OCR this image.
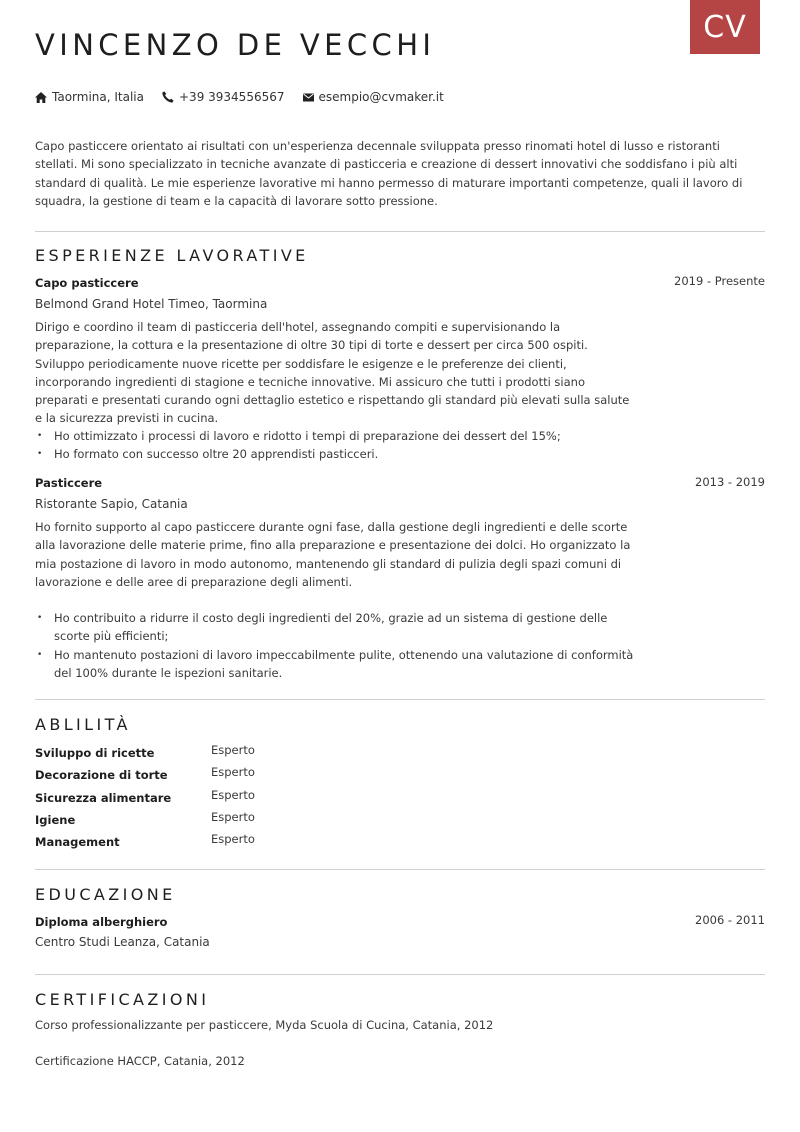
VINCENZO DE VECCHI
CV
Taormina, Italia	+39 3934556567	esempio@cvmaker.it

Capo pasticcere orientato ai risultati con un'esperienza decennale sviluppata presso rinomati hotel di lusso e ristoranti stellati. Mi sono specializzato in tecniche avanzate di pasticceria e creazione di dessert innovativi che soddisfano i più alti standard di qualità. Le mie esperienze lavorative mi hanno permesso di maturare importanti competenze, quali il lavoro di squadra, la gestione di team e la capacità di lavorare sotto pressione.

ESPERIENZE LAVORATIVE
Capo pasticcere	2019 - Presente
Belmond Grand Hotel Timeo, Taormina

Dirigo e coordino il team di pasticceria dell'hotel, assegnando compiti e supervisionando la preparazione, la cottura e la presentazione di oltre 30 tipi di torte e dessert per circa 500 ospiti. Sviluppo periodicamente nuove ricette per soddisfare le esigenze e le preferenze dei clienti, incorporando ingredienti di stagione e tecniche innovative. Mi assicuro che tutti i prodotti siano preparati e presentati curando ogni dettaglio estetico e rispettando gli standard più elevati sulla salute e la sicurezza previsti in cucina.

• Ho ottimizzato i processi di lavoro e ridotto i tempi di preparazione dei dessert del 15%;
• Ho formato con successo oltre 20 apprendisti pasticceri.
Pasticcere	2013 - 2019
Ristorante Sapio, Catania

Ho fornito supporto al capo pasticcere durante ogni fase, dalla gestione degli ingredienti e delle scorte alla lavorazione delle materie prime, fino alla preparazione e presentazione dei dolci. Ho organizzato la mia postazione di lavoro in modo autonomo, mantenendo gli standard di pulizia degli spazi comuni di lavorazione e delle aree di preparazione degli alimenti.

• Ho contribuito a ridurre il costo degli ingredienti del 20%, grazie ad un sistema di gestione delle scorte più efficienti;
• Ho mantenuto postazioni di lavoro impeccabilmente pulite, ottenendo una valutazione di conformità del 100% durante le ispezioni sanitarie.
ABLILITÀ
Sviluppo di ricette	Esperto
Decorazione di torte	Esperto
Sicurezza alimentare	Esperto
Igiene	Esperto
Management	Esperto
EDUCAZIONE
Diploma alberghiero	2006 - 2011
Centro Studi Leanza, Catania
CERTIFICAZIONI
Corso professionalizzante per pasticcere, Myda Scuola di Cucina, Catania, 2012
Certificazione HACCP, Catania, 2012
